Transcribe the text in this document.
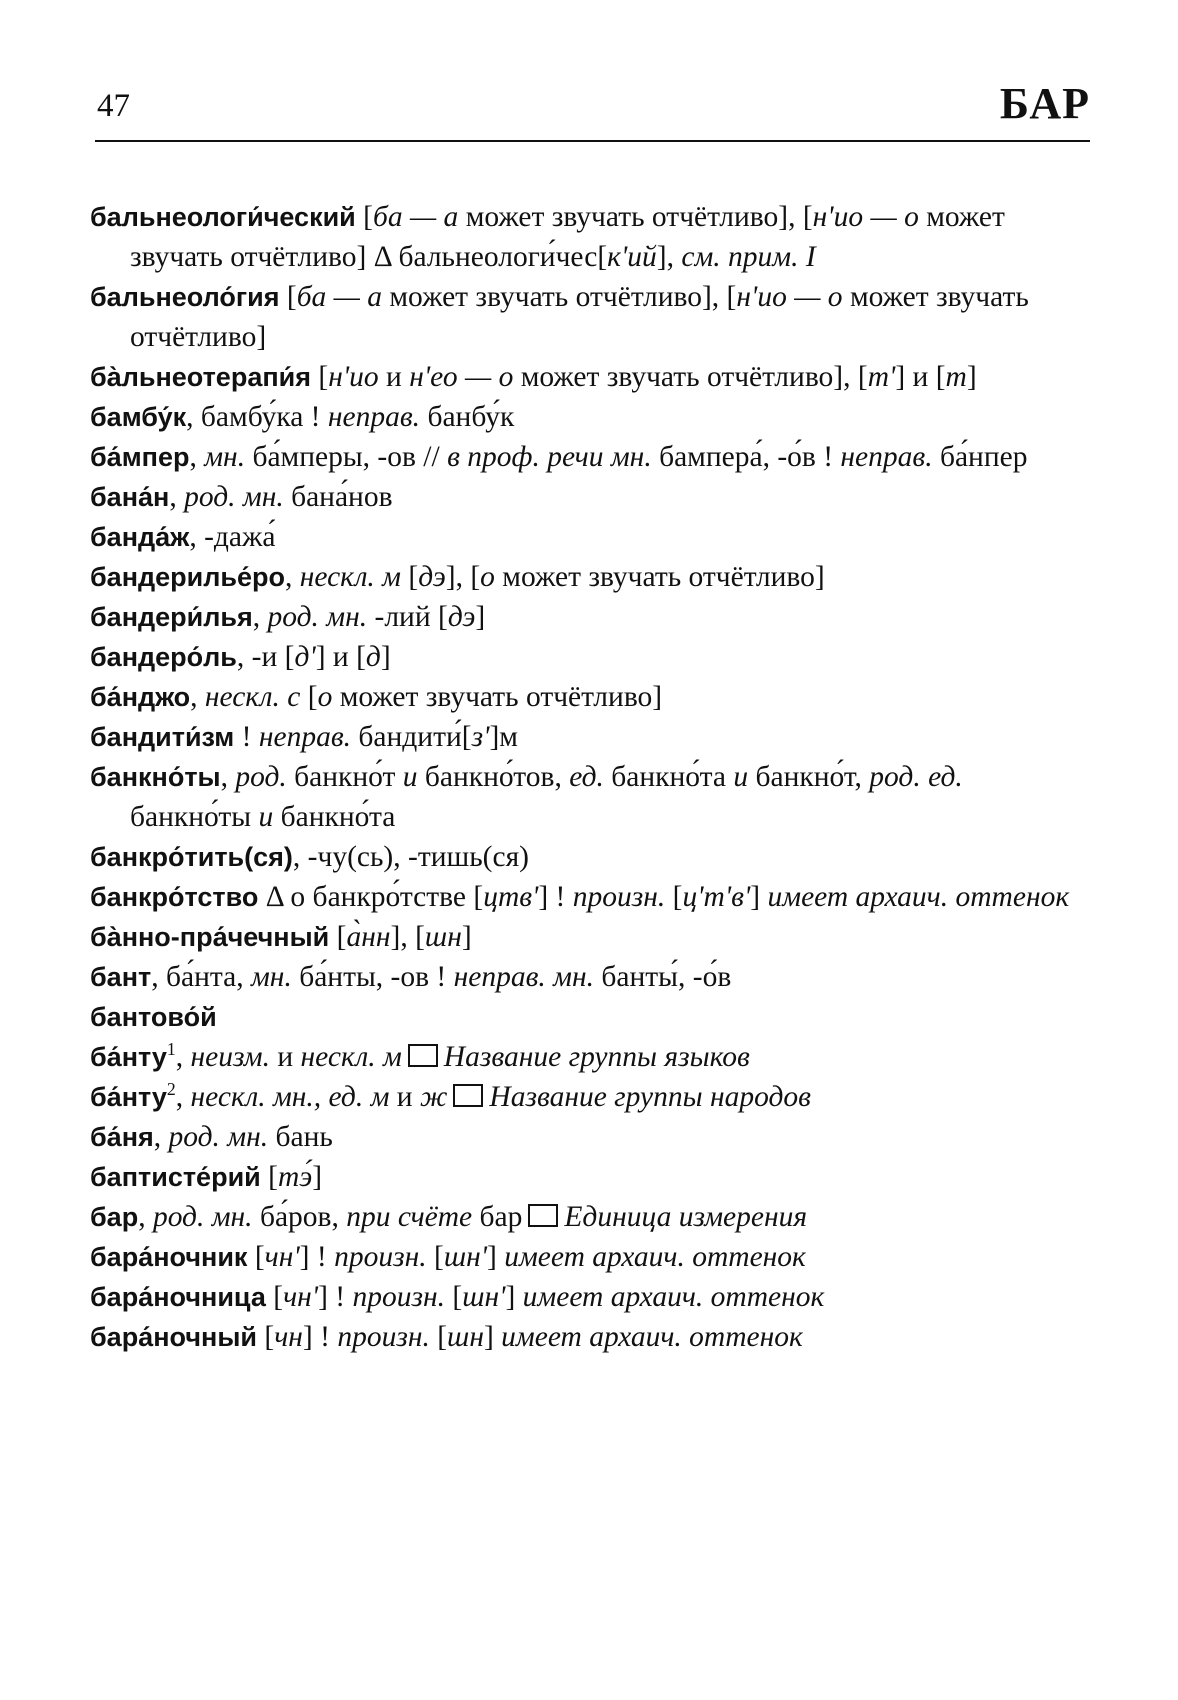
47	БАР

бальнеологи́ческий [ба — а может звучать отчётливо], [н'ио — о может звучать отчётливо] Δ бальнеологи́чес[к'ий], см. прим. I

бальнеоло́гия [ба — а может звучать отчётливо], [н'ио — о может звучать отчётливо]

ба̀льнеотерапи́я [н'ио и н'ео — о может звучать отчётливо], [т'] и [т]

бамбу́к, бамбу́ка ! неправ. банбу́к

ба́мпер, мн. ба́мперы, -ов // в проф. речи мн. бампера́, -о́в ! неправ. ба́нпер

бана́н, род. мн. бана́нов

банда́ж, -дажа́

бандерилье́ро, нескл. м [дэ], [о может звучать отчётливо]

бандери́лья, род. мн. -лий [дэ]

бандеро́ль, -и [д'] и [д]

ба́нджо, нескл. с [о может звучать отчётливо]

бандити́зм ! неправ. бандити́[з']м

банкно́ты, род. банкно́т и банкно́тов, ед. банкно́та и банкно́т, род. ед. банкно́ты и банкно́та

банкро́тить(ся), -чу(сь), -тишь(ся)

банкро́тство Δ о банкро́тстве [цтв'] ! произн. [ц'т'в'] имеет архаич. оттенок

ба̀нно-пра́чечный [а̀нн], [шн]

бант, ба́нта, мн. ба́нты, -ов ! неправ. мн. банты́, -о́в

бантово́й

ба́нту$^1$, неизм. и нескл. м Название группы языков

ба́нту$^2$, нескл. мн., ед. м и ж Название группы народов

ба́ня, род. мн. бань

баптисте́рий [тэ́]

бар, род. мн. ба́ров, при счёте бар Единица измерения

бара́ночник [чн'] ! произн. [шн'] имеет архаич. оттенок

бара́ночница [чн'] ! произн. [шн'] имеет архаич. оттенок

бара́ночный [чн] ! произн. [шн] имеет архаич. оттенок
